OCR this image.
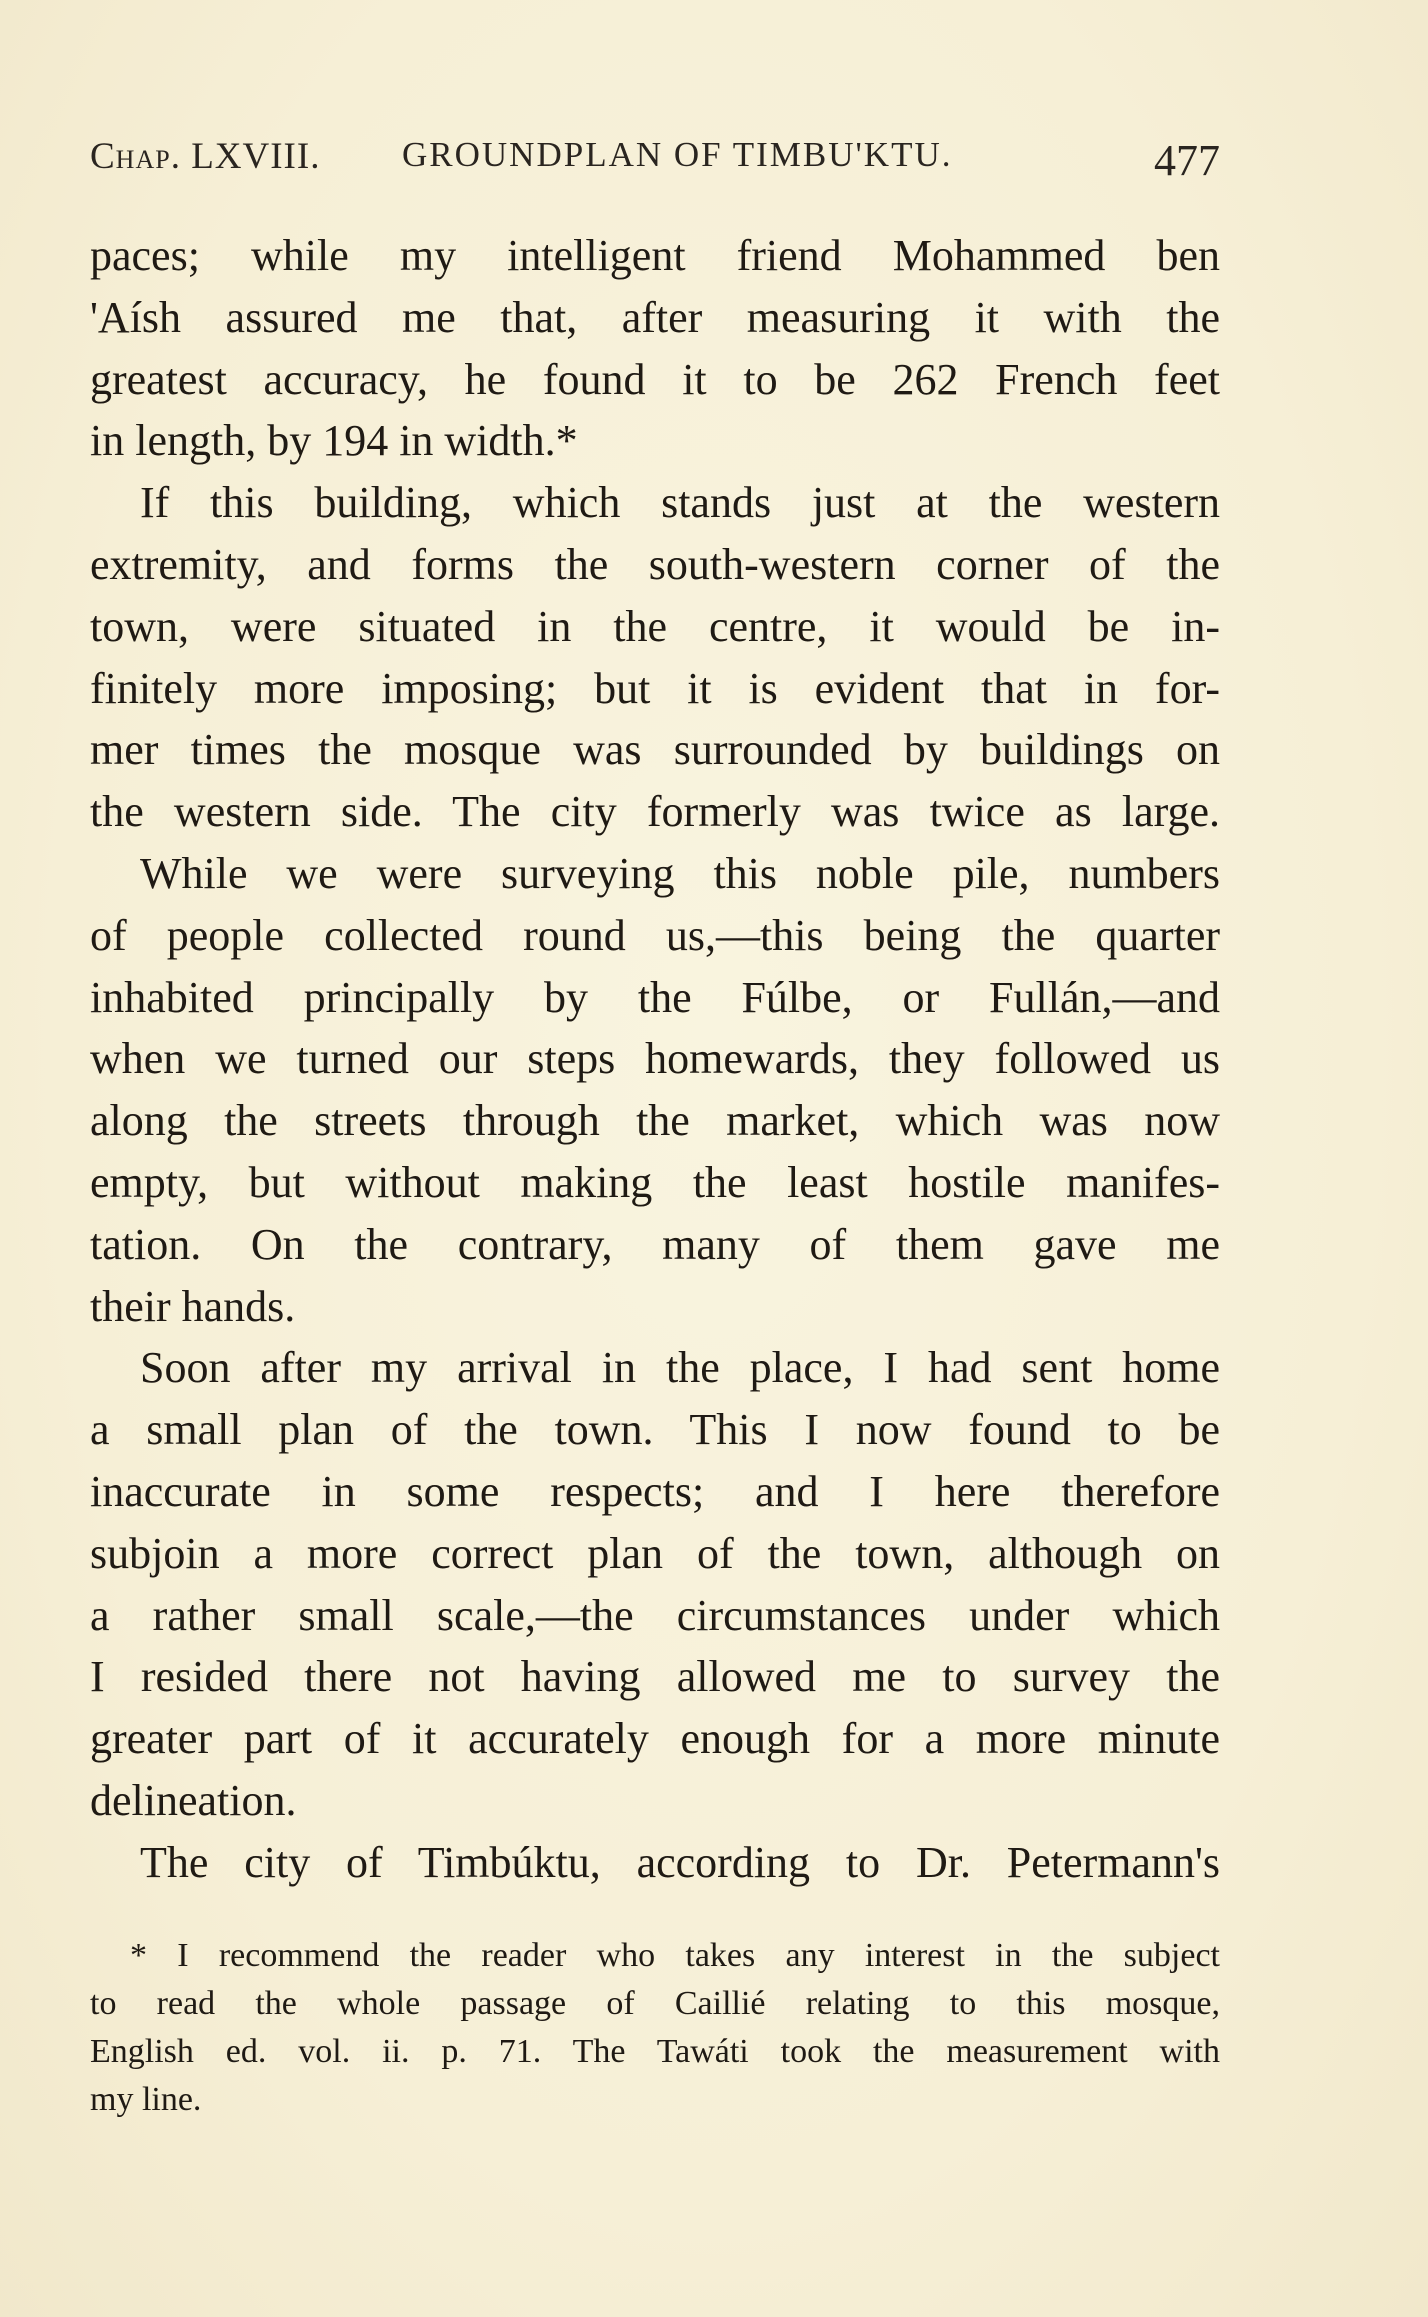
Chap. LXVIII. GROUNDPLAN OF TIMBU'KTU.	477
paces; while my intelligent friend Mohammed ben
'Aísh assured me that, after measuring it with the
greatest accuracy, he found it to be 262 French feet
in length, by 194 in width.*
If this building, which stands just at the western
extremity, and forms the south-western corner of the
town, were situated in the centre, it would be in-
finitely more imposing; but it is evident that in for-
mer times the mosque was surrounded by buildings on
the western side. The city formerly was twice as large.
While we were surveying this noble pile, numbers
of people collected round us,—this being the quarter
inhabited principally by the Fúlbe, or Fullán,—and
when we turned our steps homewards, they followed us
along the streets through the market, which was now
empty, but without making the least hostile manifes-
tation. On the contrary, many of them gave me
their hands.
Soon after my arrival in the place, I had sent home
a small plan of the town. This I now found to be
inaccurate in some respects; and I here therefore
subjoin a more correct plan of the town, although on
a rather small scale,—the circumstances under which
I resided there not having allowed me to survey the
greater part of it accurately enough for a more minute
delineation.
The city of Timbúktu, according to Dr. Petermann's
* I recommend the reader who takes any interest in the subject
to read the whole passage of Caillié relating to this mosque,
English ed. vol. ii. p. 71. The Tawáti took the measurement with
my line.
